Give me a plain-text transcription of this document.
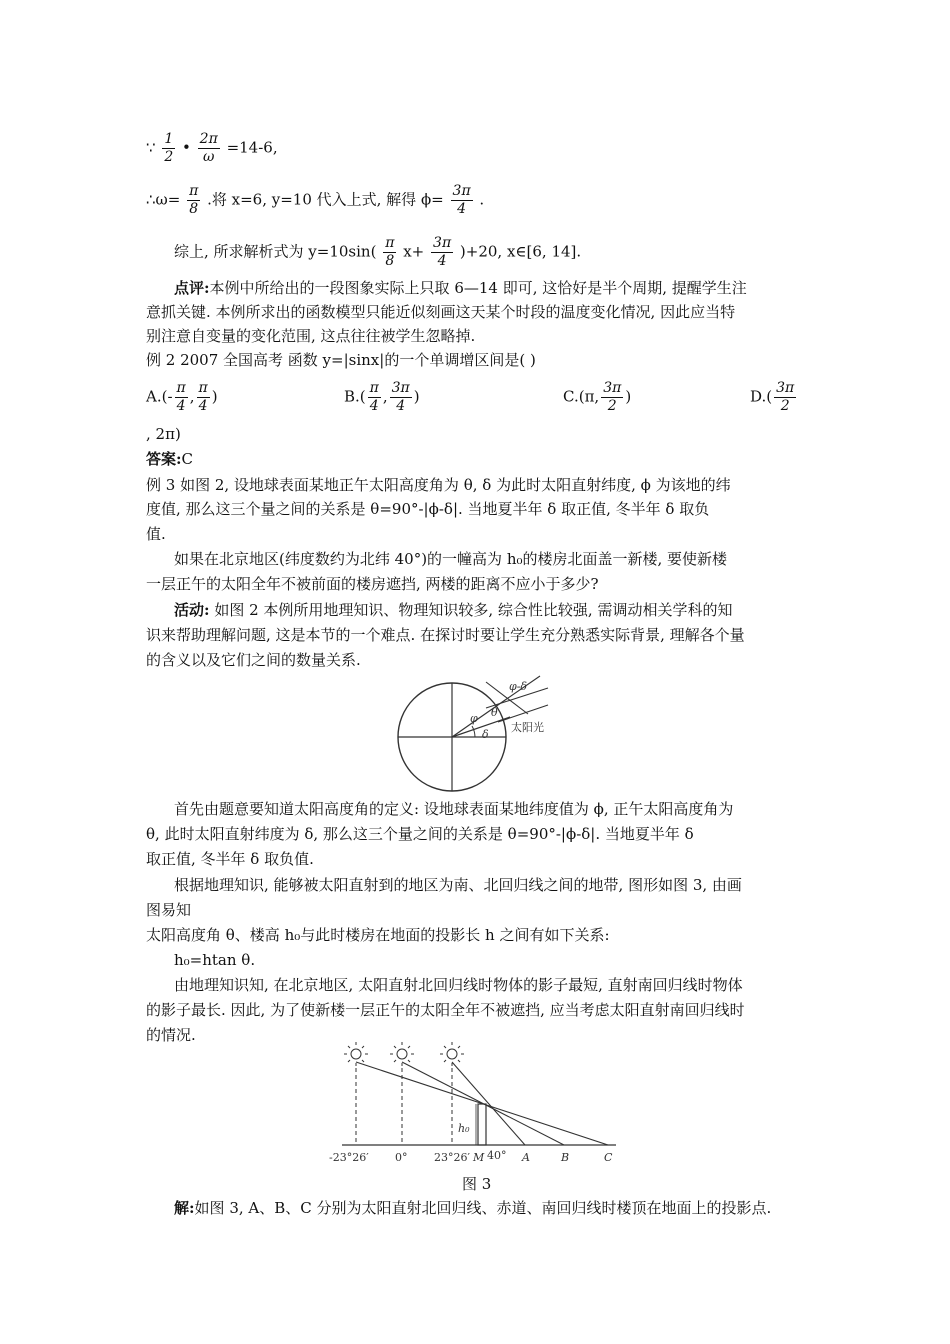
∵ $\frac{1}{2}$ • $\frac{2\pi}{\omega} =14-6$,
∴ω= $\frac{\pi}{8}$ .将 x=6, y=10 代入上式, 解得 $\phi= \frac{3\pi}{4}$ .
综上, 所求解析式为 $y=10\sin( \frac{\pi}{8} x+ \frac{3\pi}{4} )+20$, x∈[6, 14].
点评:本例中所给出的一段图象实际上只取 6—14 即可, 这恰好是半个周期, 提醒学生注
意抓关键. 本例所求出的函数模型只能近似刻画这天某个时段的温度变化情况, 因此应当特
别注意自变量的变化范围, 这点往往被学生忽略掉.
例 2 2007 全国高考 函数 y=|sinx|的一个单调增区间是( )
$A.(- \frac{\pi}{4}$ , $\frac{\pi}{4}$ )	$B.( \frac{\pi}{4}$ , $\frac{3\pi}{4}$ )	C.(π, $\frac{3\pi}{2}$ )	$D.( \frac{3\pi}{2}$
, 2π)
答案:C
例 3 如图 2, 设地球表面某地正午太阳高度角为 θ, δ 为此时太阳直射纬度, ϕ 为该地的纬
度值, 那么这三个量之间的关系是 θ=90°-|ϕ-δ|. 当地夏半年 δ 取正值, 冬半年 δ 取负
值.
如果在北京地区(纬度数约为北纬 40°)的一幢高为 h₀的楼房北面盖一新楼, 要使新楼
一层正午的太阳全年不被前面的楼房遮挡, 两楼的距离不应小于多少?
活动: 如图 2 本例所用地理知识、物理知识较多, 综合性比较强, 需调动相关学科的知
识来帮助理解问题, 这是本节的一个难点. 在探讨时要让学生充分熟悉实际背景, 理解各个量
的含义以及它们之间的数量关系.
φ-δ
θ
φ
δ
太阳光
首先由题意要知道太阳高度角的定义: 设地球表面某地纬度值为 ϕ, 正午太阳高度角为
θ, 此时太阳直射纬度为 δ, 那么这三个量之间的关系是 θ=90°-|ϕ-δ|. 当地夏半年 δ
取正值, 冬半年 δ 取负值.
根据地理知识, 能够被太阳直射到的地区为南、北回归线之间的地带, 图形如图 3, 由画
图易知
太阳高度角 θ、楼高 h₀与此时楼房在地面的投影长 h 之间有如下关系:
h₀=htan θ.
由地理知识知, 在北京地区, 太阳直射北回归线时物体的影子最短, 直射南回归线时物体
的影子最长. 因此, 为了使新楼一层正午的太阳全年不被遮挡, 应当考虑太阳直射南回归线时
的情况.
h₀
-23°26′ 0° 23°26′ M 40° A	B	C
图 3
解:如图 3, A、B、C 分别为太阳直射北回归线、赤道、南回归线时楼顶在地面上的投影点.
